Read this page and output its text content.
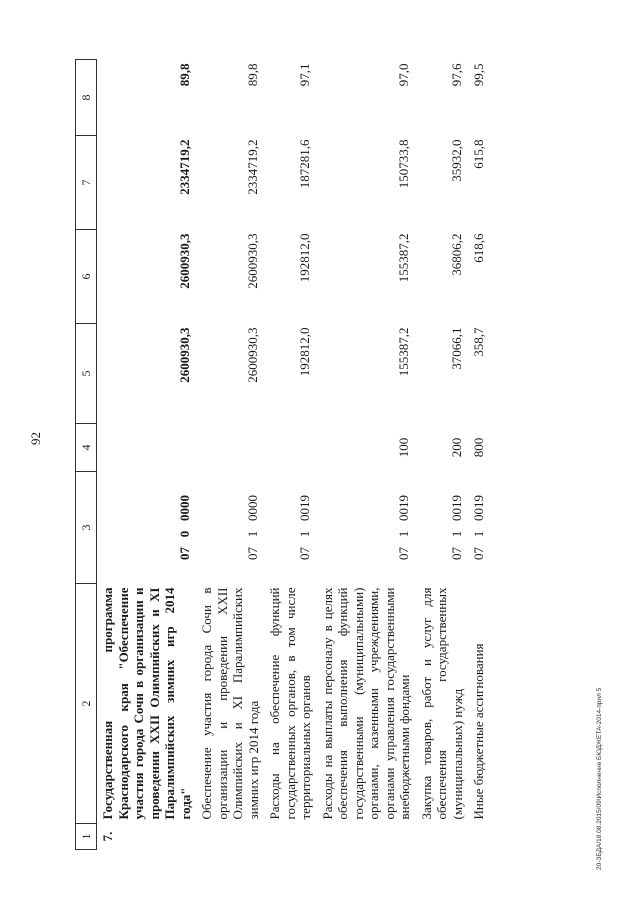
92
1	2	3	4	5	6	7	8
7.	Государственная программа Краснодарского края "Обеспечение участия города Сочи в организации и проведении XXII Олимпийских и XI Паралимпийских зимних игр 2014 года"	07   0   0000		2600930,3	2600930,3	2334719,2	89,8
	Обеспечение участия города Сочи в организации и проведении XXII Олимпийских и XI Паралимпийских зимних игр 2014 года	07   1   0000		2600930,3	2600930,3	2334719,2	89,8
	Расходы на обеспечение функций государственных органов, в том числе территориальных органов	07   1   0019		192812,0	192812,0	187281,6	97,1
	Расходы на выплаты персоналу в целях обеспечения выполнения функций государственными (муниципальными) органами, казенными учреждениями, органами управления государственными внебюджетными фондами	07   1   0019	100	155387,2	155387,2	150733,8	97,0
	Закупка товаров, работ и услуг для обеспечения государственных (муниципальных) нужд	07   1   0019	200	37066,1	36806,2	35932,0	97,6
	Иные бюджетные ассигнования	07   1   0019	800	358,7	618,6	615,8	99,5
20-ЗБДА/18.08.2015/09\Исполнение БЮДЖЕТА-2014-прил 5
